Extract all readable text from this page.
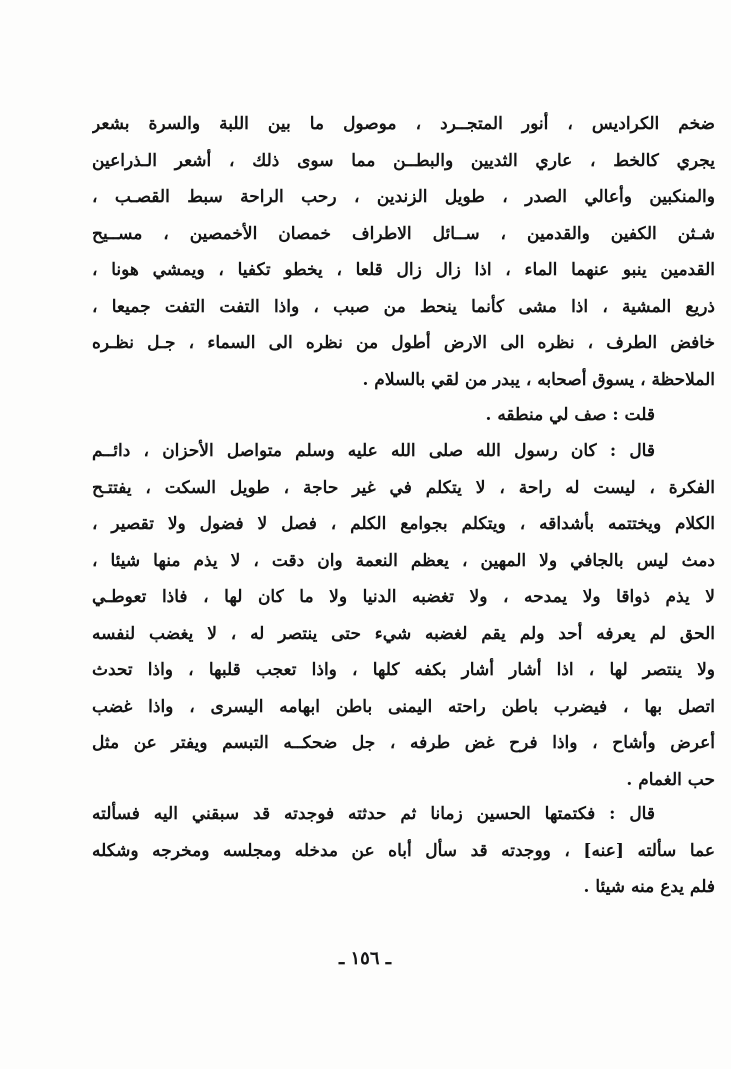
ضخم الكراديس ، أنور المتجــرد ، موصول ما بين اللبة والسرة بشعر
يجري كالخط ، عاري الثديين والبطــن مما سوى ذلك ، أشعر الـذراعين
والمنكبين وأعالي الصدر ، طويل الزندين ، رحب الراحة سبط القصـب ،
شـثن الكفين والقدمين ، ســائل الاطراف خمصان الأخمصين ، مســيح
القدمين ينبو عنهما الماء ، اذا زال زال قلعا ، يخطو تكفيا ، ويمشي هونا ،
ذريع المشية ، اذا مشى كأنما ينحط من صبب ، واذا التفت التفت جميعا ،
خافض الطرف ، نظره الى الارض أطول من نظره الى السماء ، جـل نظـره
الملاحظة ، يسوق أصحابه ، يبدر من لقي بالسلام .
قلت : صف لي منطقه .
قال : كان رسول الله صلى الله عليه وسلم متواصل الأحزان ، دائــم
الفكرة ، ليست له راحة ، لا يتكلم في غير حاجة ، طويل السكت ، يفتتـح
الكلام ويختتمه بأشداقه ، ويتكلم بجوامع الكلم ، فصل لا فضول ولا تقصير ،
دمث ليس بالجافي ولا المهين ، يعظم النعمة وان دقت ، لا يذم منها شيئا ،
لا يذم ذواقا ولا يمدحه ، ولا تغضبه الدنيا ولا ما كان لها ، فاذا تعوطـي
الحق لم يعرفه أحد ولم يقم لغضبه شيء حتى ينتصر له ، لا يغضب لنفسه
ولا ينتصر لها ، اذا أشار أشار بكفه كلها ، واذا تعجب قلبها ، واذا تحدث
اتصل بها ، فيضرب باطن راحته اليمنى باطن ابهامه اليسرى ، واذا غضب
أعرض وأشاح ، واذا فرح غض طرفه ، جل ضحكــه التبسم ويفتر عن مثل
حب الغمام .
قال : فكتمتها الحسين زمانا ثم حدثته فوجدته قد سبقني اليه فسألته
عما سألته [عنه] ، ووجدته قد سأل أباه عن مدخله ومجلسه ومخرجه وشكله
فلم يدع منه شيئا .
ـ ١٥٦ ـ
